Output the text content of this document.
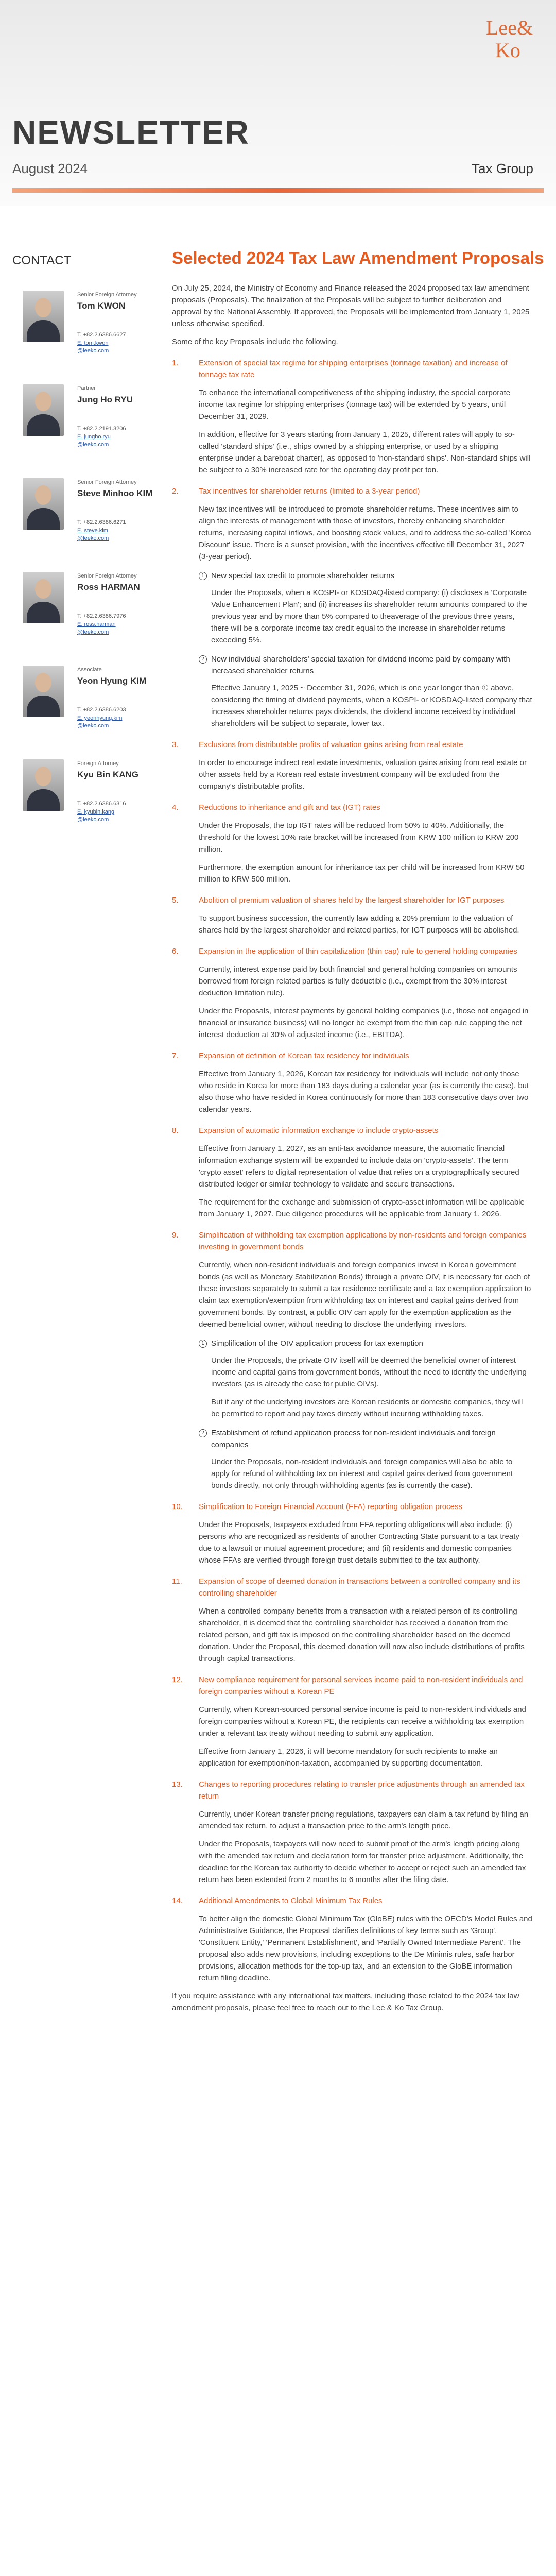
Lee&
Ko
NEWSLETTER
August 2024	Tax Group
CONTACT	Selected 2024 Tax Law Amendment Proposals
Senior Foreign Attorney
Tom KWON
T. +82.2.6386.6627
E. tom.kwon
@leeko.com
Partner
Jung Ho RYU
T. +82.2.2191.3206
E. jungho.ryu
@leeko.com
Senior Foreign Attorney
Steve Minhoo KIM
T. +82.2.6386.6271
E. steve.kim
@leeko.com
Senior Foreign Attorney
Ross HARMAN
T. +82.2.6386.7976
E. ross.harman
@leeko.com
Associate
Yeon Hyung KIM
T. +82.2.6386.6203
E. yeonhyung.kim
@leeko.com
Foreign Attorney
Kyu Bin KANG
T. +82.2.6386.6316
E. kyubin.kang
@leeko.com

On July 25, 2024, the Ministry of Economy and Finance released the 2024 proposed tax law amendment proposals (Proposals). The finalization of the Proposals will be subject to further deliberation and approval by the National Assembly. If approved, the Proposals will be implemented from January 1, 2025 unless otherwise specified.

Some of the key Proposals include the following.

1.	Extension of special tax regime for shipping enterprises (tonnage taxation) and increase of tonnage tax rate

To enhance the international competitiveness of the shipping industry, the special corporate income tax regime for shipping enterprises (tonnage tax) will be extended by 5 years, until December 31, 2029.

In addition, effective for 3 years starting from January 1, 2025, different rates will apply to so-called 'standard ships' (i.e., ships owned by a shipping enterprise, or used by a shipping enterprise under a bareboat charter), as opposed to 'non-standard ships'. Non-standard ships will be subject to a 30% increased rate for the operating day profit per ton.

2.	Tax incentives for shareholder returns (limited to a 3-year period)

New tax incentives will be introduced to promote shareholder returns. These incentives aim to align the interests of management with those of investors, thereby enhancing shareholder returns, increasing capital inflows, and boosting stock values, and to address the so-called 'Korea Discount' issue. There is a sunset provision, with the incentives effective till December 31, 2027 (3-year period).

1 New special tax credit to promote shareholder returns

Under the Proposals, when a KOSPI- or KOSDAQ-listed company: (i) discloses a 'Corporate Value Enhancement Plan'; and (ii) increases its shareholder return amounts compared to the previous year and by more than 5% compared to theaverage of the previous three years, there will be a corporate income tax credit equal to the increase in shareholder returns exceeding 5%.

2 New individual shareholders' special taxation for dividend income paid by company with increased shareholder returns

Effective January 1, 2025 ~ December 31, 2026, which is one year longer than ① above, considering the timing of dividend payments, when a KOSPI- or KOSDAQ-listed company that increases shareholder returns pays dividends, the dividend income received by individual shareholders will be subject to separate, lower tax.

3.	Exclusions from distributable profits of valuation gains arising from real estate

In order to encourage indirect real estate investments, valuation gains arising from real estate or other assets held by a Korean real estate investment company will be excluded from the company's distributable profits.

4.	Reductions to inheritance and gift and tax (IGT) rates

Under the Proposals, the top IGT rates will be reduced from 50% to 40%. Additionally, the threshold for the lowest 10% rate bracket will be increased from KRW 100 million to KRW 200 million.

Furthermore, the exemption amount for inheritance tax per child will be increased from KRW 50 million to KRW 500 million.

5.	Abolition of premium valuation of shares held by the largest shareholder for IGT purposes

To support business succession, the currently law adding a 20% premium to the valuation of shares held by the largest shareholder and related parties, for IGT purposes will be abolished.

6.	Expansion in the application of thin capitalization (thin cap) rule to general holding companies

Currently, interest expense paid by both financial and general holding companies on amounts borrowed from foreign related parties is fully deductible (i.e., exempt from the 30% interest deduction limitation rule).

Under the Proposals, interest payments by general holding companies (i.e, those not engaged in financial or insurance business) will no longer be exempt from the thin cap rule capping the net interest deduction at 30% of adjusted income (i.e., EBITDA).

7.	Expansion of definition of Korean tax residency for individuals

Effective from January 1, 2026, Korean tax residency for individuals will include not only those who reside in Korea for more than 183 days during a calendar year (as is currently the case), but also those who have resided in Korea continuously for more than 183 consecutive days over two calendar years.

8.	Expansion of automatic information exchange to include crypto-assets

Effective from January 1, 2027, as an anti-tax avoidance measure, the automatic financial information exchange system will be expanded to include data on 'crypto-assets'. The term 'crypto asset' refers to digital representation of value that relies on a cryptographically secured distributed ledger or similar technology to validate and secure transactions.

The requirement for the exchange and submission of crypto-asset information will be applicable from January 1, 2027. Due diligence procedures will be applicable from January 1, 2026.

9.	Simplification of withholding tax exemption applications by non-residents and foreign companies investing in government bonds

Currently, when non-resident individuals and foreign companies invest in Korean government bonds (as well as Monetary Stabilization Bonds) through a private OIV, it is necessary for each of these investors separately to submit a tax residence certificate and a tax exemption application to claim tax exemption/exemption from withholding tax on interest and capital gains derived from government bonds. By contrast, a public OIV can apply for the exemption application as the deemed beneficial owner, without needing to disclose the underlying investors.

1 Simplification of the OIV application process for tax exemption

Under the Proposals, the private OIV itself will be deemed the beneficial owner of interest income and capital gains from government bonds, without the need to identify the underlying investors (as is already the case for public OIVs).

But if any of the underlying investors are Korean residents or domestic companies, they will be permitted to report and pay taxes directly without incurring withholding taxes.

2 Establishment of refund application process for non-resident individuals and foreign companies

Under the Proposals, non-resident individuals and foreign companies will also be able to apply for refund of withholding tax on interest and capital gains derived from government bonds directly, not only through withholding agents (as is currently the case).

10. Simplification to Foreign Financial Account (FFA) reporting obligation process

Under the Proposals, taxpayers excluded from FFA reporting obligations will also include: (i) persons who are recognized as residents of another Contracting State pursuant to a tax treaty due to a lawsuit or mutual agreement procedure; and (ii) residents and domestic companies whose FFAs are verified through foreign trust details submitted to the tax authority.

11. Expansion of scope of deemed donation in transactions between a controlled company and its controlling shareholder

When a controlled company benefits from a transaction with a related person of its controlling shareholder, it is deemed that the controlling shareholder has received a donation from the related person, and gift tax is imposed on the controlling shareholder based on the deemed donation. Under the Proposal, this deemed donation will now also include distributions of profits through capital transactions.

12. New compliance requirement for personal services income paid to non-resident individuals and foreign companies without a Korean PE

Currently, when Korean-sourced personal service income is paid to non-resident individuals and foreign companies without a Korean PE, the recipients can receive a withholding tax exemption under a relevant tax treaty without needing to submit any application.

Effective from January 1, 2026, it will become mandatory for such recipients to make an application for exemption/non-taxation, accompanied by supporting documentation.

13. Changes to reporting procedures relating to transfer price adjustments through an amended tax return

Currently, under Korean transfer pricing regulations, taxpayers can claim a tax refund by filing an amended tax return, to adjust a transaction price to the arm's length price.

Under the Proposals, taxpayers will now need to submit proof of the arm's length pricing along with the amended tax return and declaration form for transfer price adjustment. Additionally, the deadline for the Korean tax authority to decide whether to accept or reject such an amended tax return has been extended from 2 months to 6 months after the filing date.

14. Additional Amendments to Global Minimum Tax Rules

To better align the domestic Global Minimum Tax (GloBE) rules with the OECD's Model Rules and Administrative Guidance, the Proposal clarifies definitions of key terms such as 'Group', 'Constituent Entity,' 'Permanent Establishment', and 'Partially Owned Intermediate Parent'. The proposal also adds new provisions, including exceptions to the De Minimis rules, safe harbor provisions, allocation methods for the top-up tax, and an extension to the GloBE information return filing deadline.

If you require assistance with any international tax matters, including those related to the 2024 tax law amendment proposals, please feel free to reach out to the Lee & Ko Tax Group.
